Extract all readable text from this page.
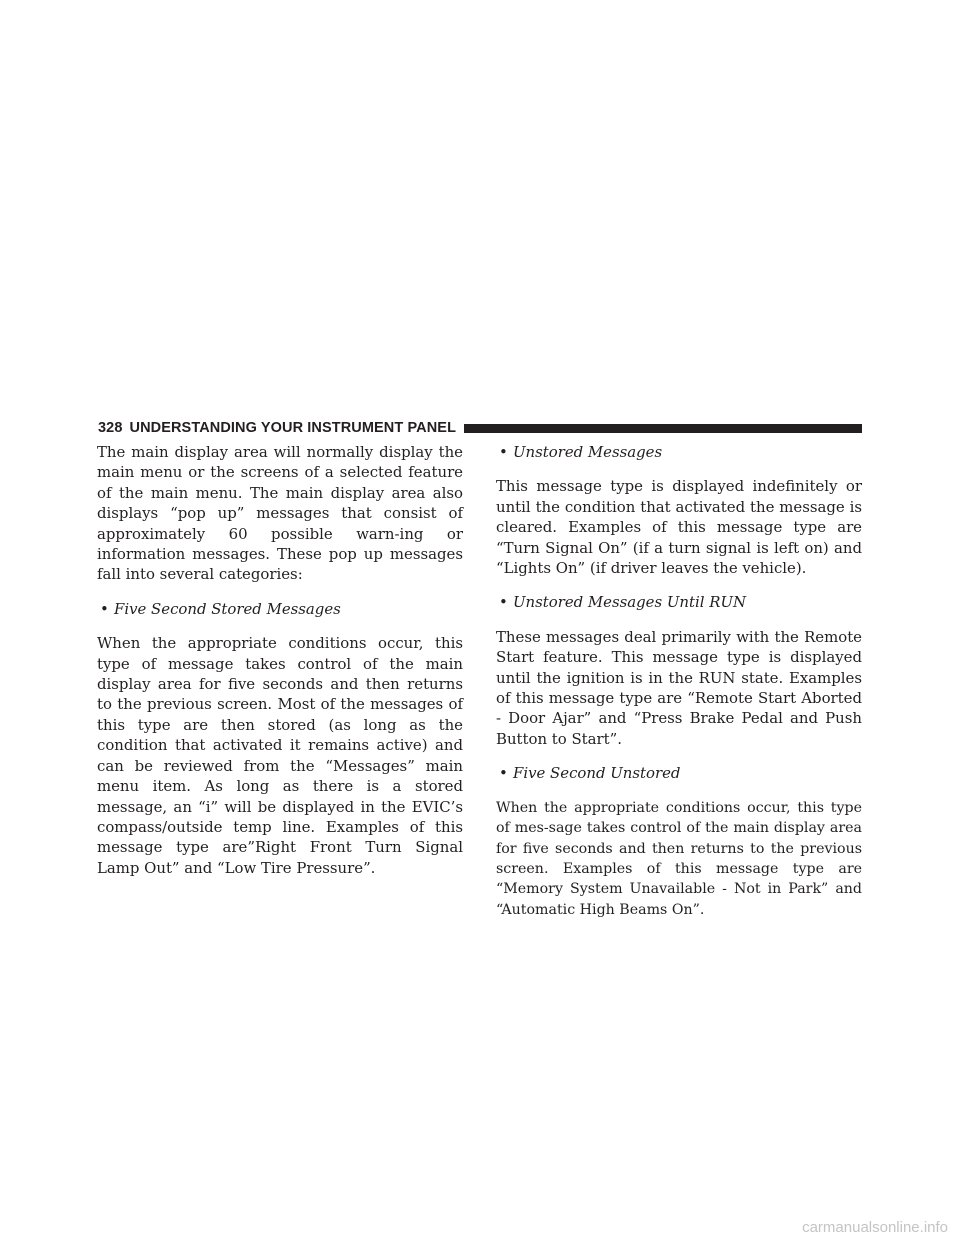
328 UNDERSTANDING YOUR INSTRUMENT PANEL

The main display area will normally display the main menu or the screens of a selected feature of the main menu. The main display area also displays “pop up” messages that consist of approximately 60 possible warn-ing or information messages. These pop up messages fall into several categories:

• Five Second Stored Messages

When the appropriate conditions occur, this type of message takes control of the main display area for five seconds and then returns to the previous screen. Most of the messages of this type are then stored (as long as the condition that activated it remains active) and can be reviewed from the “Messages” main menu item. As long as there is a stored message, an “i” will be displayed in the EVIC’s compass/outside temp line. Examples of this message type are”Right Front Turn Signal Lamp Out” and “Low Tire Pressure”.

• Unstored Messages

This message type is displayed indefinitely or until the condition that activated the message is cleared. Examples of this message type are “Turn Signal On” (if a turn signal is left on) and “Lights On” (if driver leaves the vehicle).

• Unstored Messages Until RUN

These messages deal primarily with the Remote Start feature. This message type is displayed until the ignition is in the RUN state. Examples of this message type are “Remote Start Aborted - Door Ajar” and “Press Brake Pedal and Push Button to Start”.

• Five Second Unstored

When the appropriate conditions occur, this type of mes-sage takes control of the main display area for five seconds and then returns to the previous screen. Examples of this message type are “Memory System Unavailable - Not in Park” and “Automatic High Beams On”.

carmanualsonline.info
